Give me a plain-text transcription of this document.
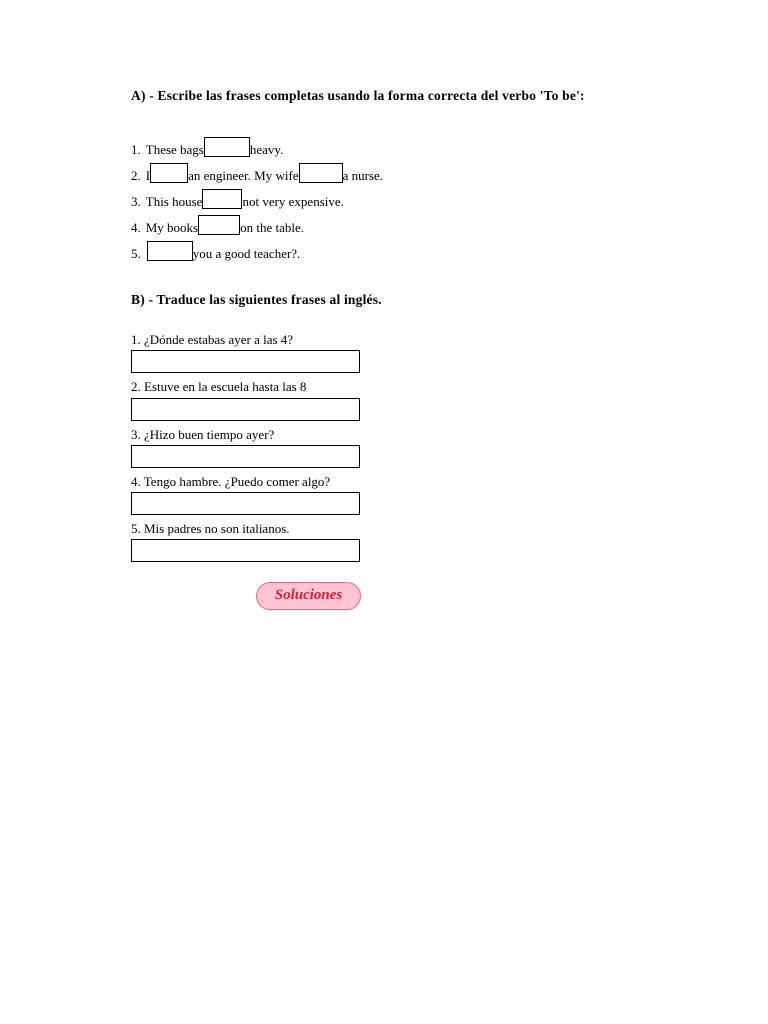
A) - Escribe las frases completas usando la forma correcta del verbo 'To be':

1. These bags	heavy.
2. I	an engineer. My wife	a nurse.
3. This house	not very expensive.
4. My books	on the table.
5.	you a good teacher?.

B) - Traduce las siguientes frases al inglés.

1. ¿Dónde estabas ayer a las 4?
2. Estuve en la escuela hasta las 8
3. ¿Hizo buen tiempo ayer?
4. Tengo hambre. ¿Puedo comer algo?
5. Mis padres no son italianos.
Soluciones
